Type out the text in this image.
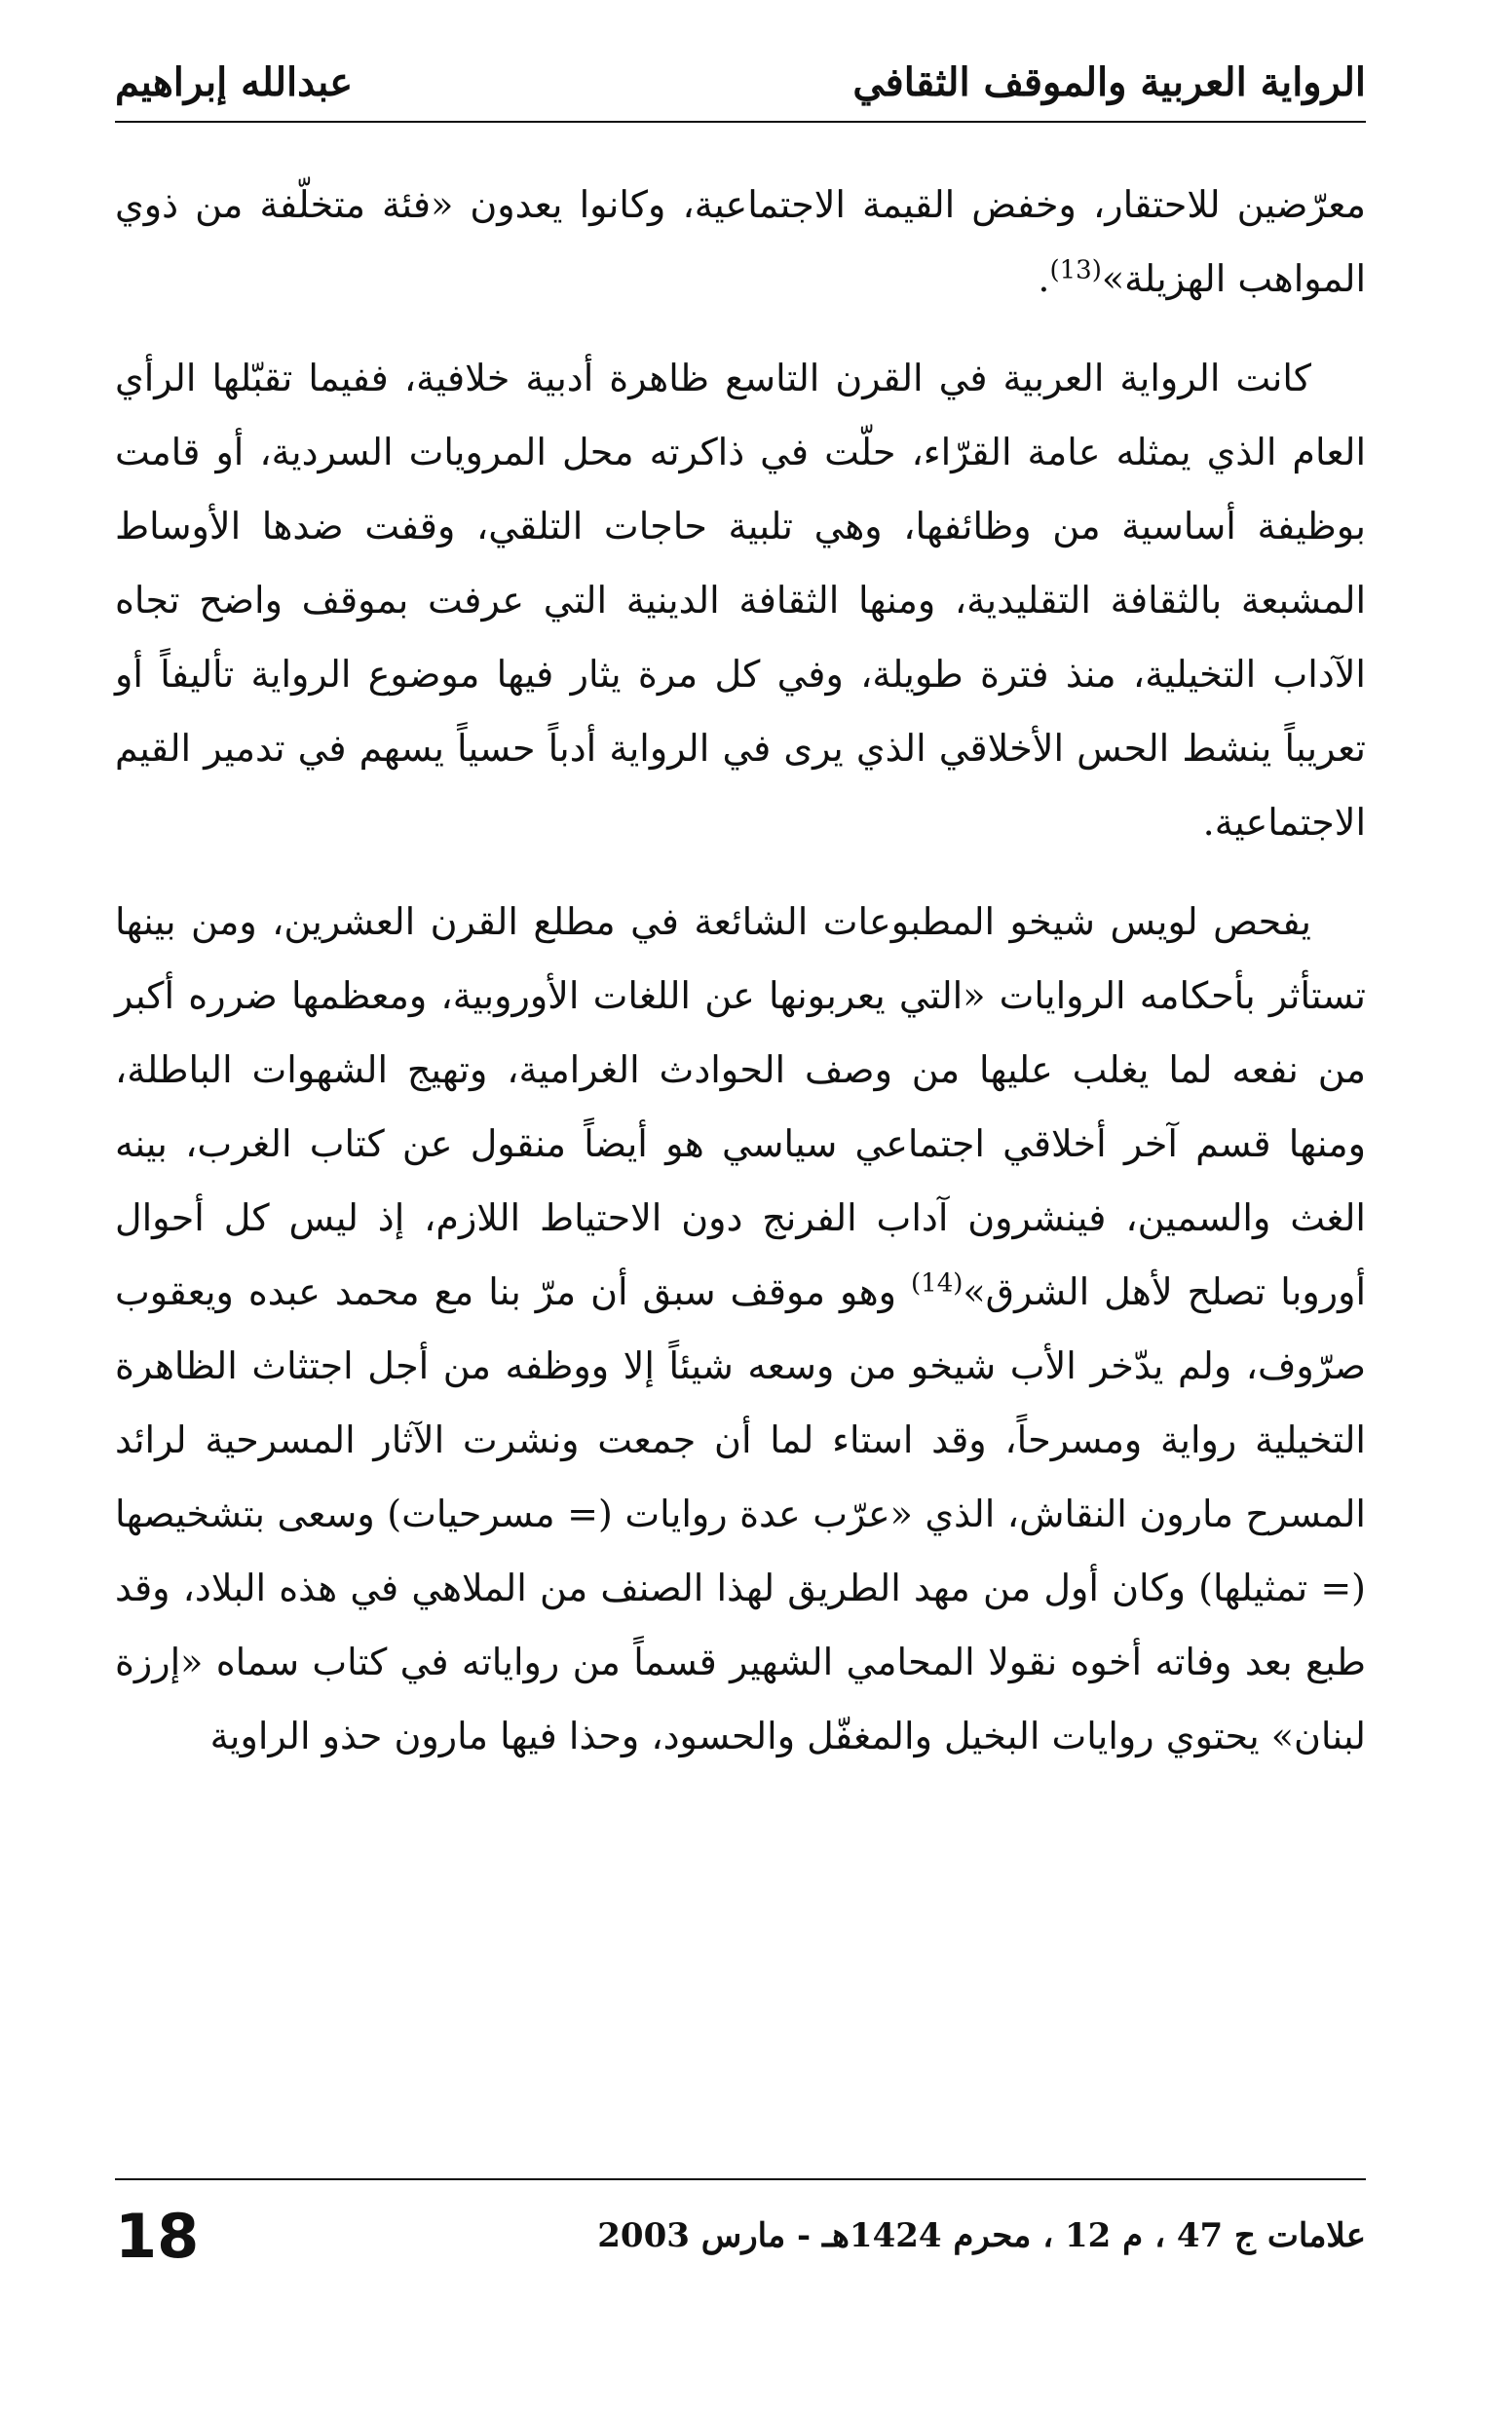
الرواية العربية والموقف الثقافي
عبدالله إبراهيم

معرّضين للاحتقار، وخفض القيمة الاجتماعية، وكانوا يعدون «فئة متخلّفة من ذوي المواهب الهزيلة»$^{(13)}$.

كانت الرواية العربية في القرن التاسع ظاهرة أدبية خلافية، ففيما تقبّلها الرأي العام الذي يمثله عامة القرّاء، حلّت في ذاكرته محل المرويات السردية، أو قامت بوظيفة أساسية من وظائفها، وهي تلبية حاجات التلقي، وقفت ضدها الأوساط المشبعة بالثقافة التقليدية، ومنها الثقافة الدينية التي عرفت بموقف واضح تجاه الآداب التخيلية، منذ فترة طويلة، وفي كل مرة يثار فيها موضوع الرواية تأليفاً أو تعريباً ينشط الحس الأخلاقي الذي يرى في الرواية أدباً حسياً يسهم في تدمير القيم الاجتماعية.

يفحص لويس شيخو المطبوعات الشائعة في مطلع القرن العشرين، ومن بينها تستأثر بأحكامه الروايات «التي يعربونها عن اللغات الأوروبية، ومعظمها ضرره أكبر من نفعه لما يغلب عليها من وصف الحوادث الغرامية، وتهيج الشهوات الباطلة، ومنها قسم آخر أخلاقي اجتماعي سياسي هو أيضاً منقول عن كتاب الغرب، بينه الغث والسمين، فينشرون آداب الفرنج دون الاحتياط اللازم، إذ ليس كل أحوال أوروبا تصلح لأهل الشرق»$^{(14)}$ وهو موقف سبق أن مرّ بنا مع محمد عبده ويعقوب صرّوف، ولم يدّخر الأب شيخو من وسعه شيئاً إلا ووظفه من أجل اجتثاث الظاهرة التخيلية رواية ومسرحاً، وقد استاء لما أن جمعت ونشرت الآثار المسرحية لرائد المسرح مارون النقاش، الذي «عرّب عدة روايات (= مسرحيات) وسعى بتشخيصها (= تمثيلها) وكان أول من مهد الطريق لهذا الصنف من الملاهي في هذه البلاد، وقد طبع بعد وفاته أخوه نقولا المحامي الشهير قسماً من رواياته في كتاب سماه «إرزة لبنان» يحتوي روايات البخيل والمغفّل والحسود، وحذا فيها مارون حذو الراوية

علامات ج 47 ، م 12 ، محرم 1424هـ - مارس 2003
18
